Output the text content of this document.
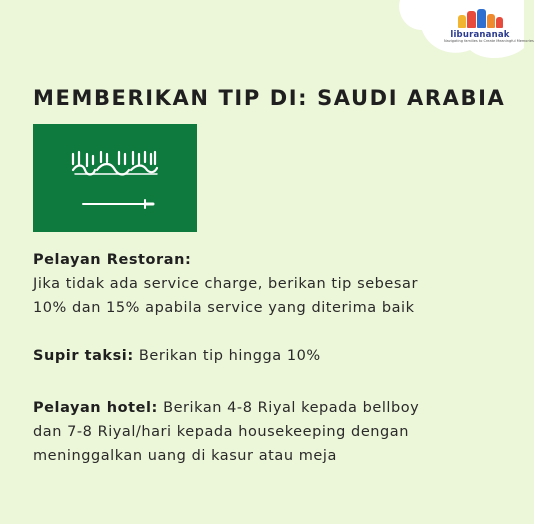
liburananak
Navigating families to Create Meaningful Memories
MEMBERIKAN TIP DI: SAUDI ARABIA

Pelayan Restoran:
Jika tidak ada service charge, berikan tip sebesar
10% dan 15% apabila service yang diterima baik

Supir taksi: Berikan tip hingga 10%

Pelayan hotel: Berikan 4-8 Riyal kepada bellboy
dan 7-8 Riyal/hari kepada housekeeping dengan
meninggalkan uang di kasur atau meja
